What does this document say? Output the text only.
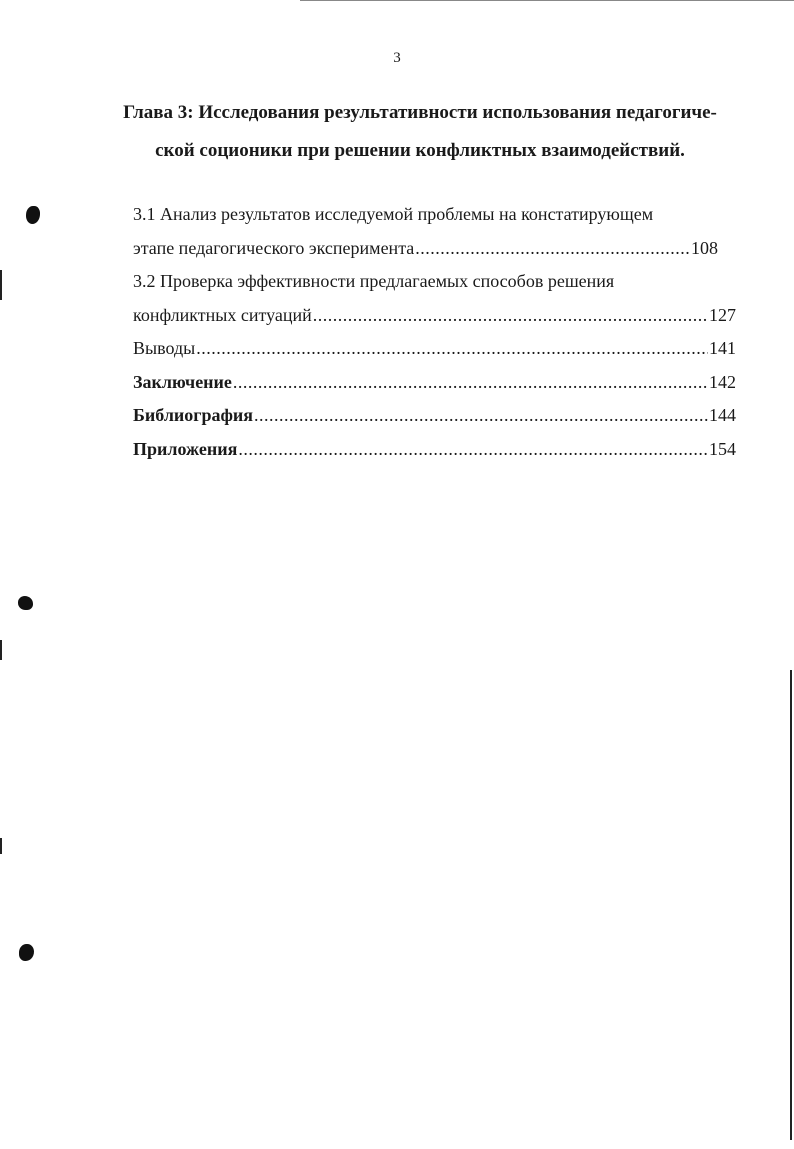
3
Глава 3: Исследования результативности использования педагогиче-
ской соционики при решении конфликтных взаимодействий.
3.1 Анализ результатов исследуемой проблемы на констатирующем
этапе педагогического эксперимента .....	108
3.2 Проверка эффективности предлагаемых способов решения
конфликтных ситуаций .....	127
Выводы .....	141
Заключение .....	142
Библиография .....	144
Приложения .....	154
